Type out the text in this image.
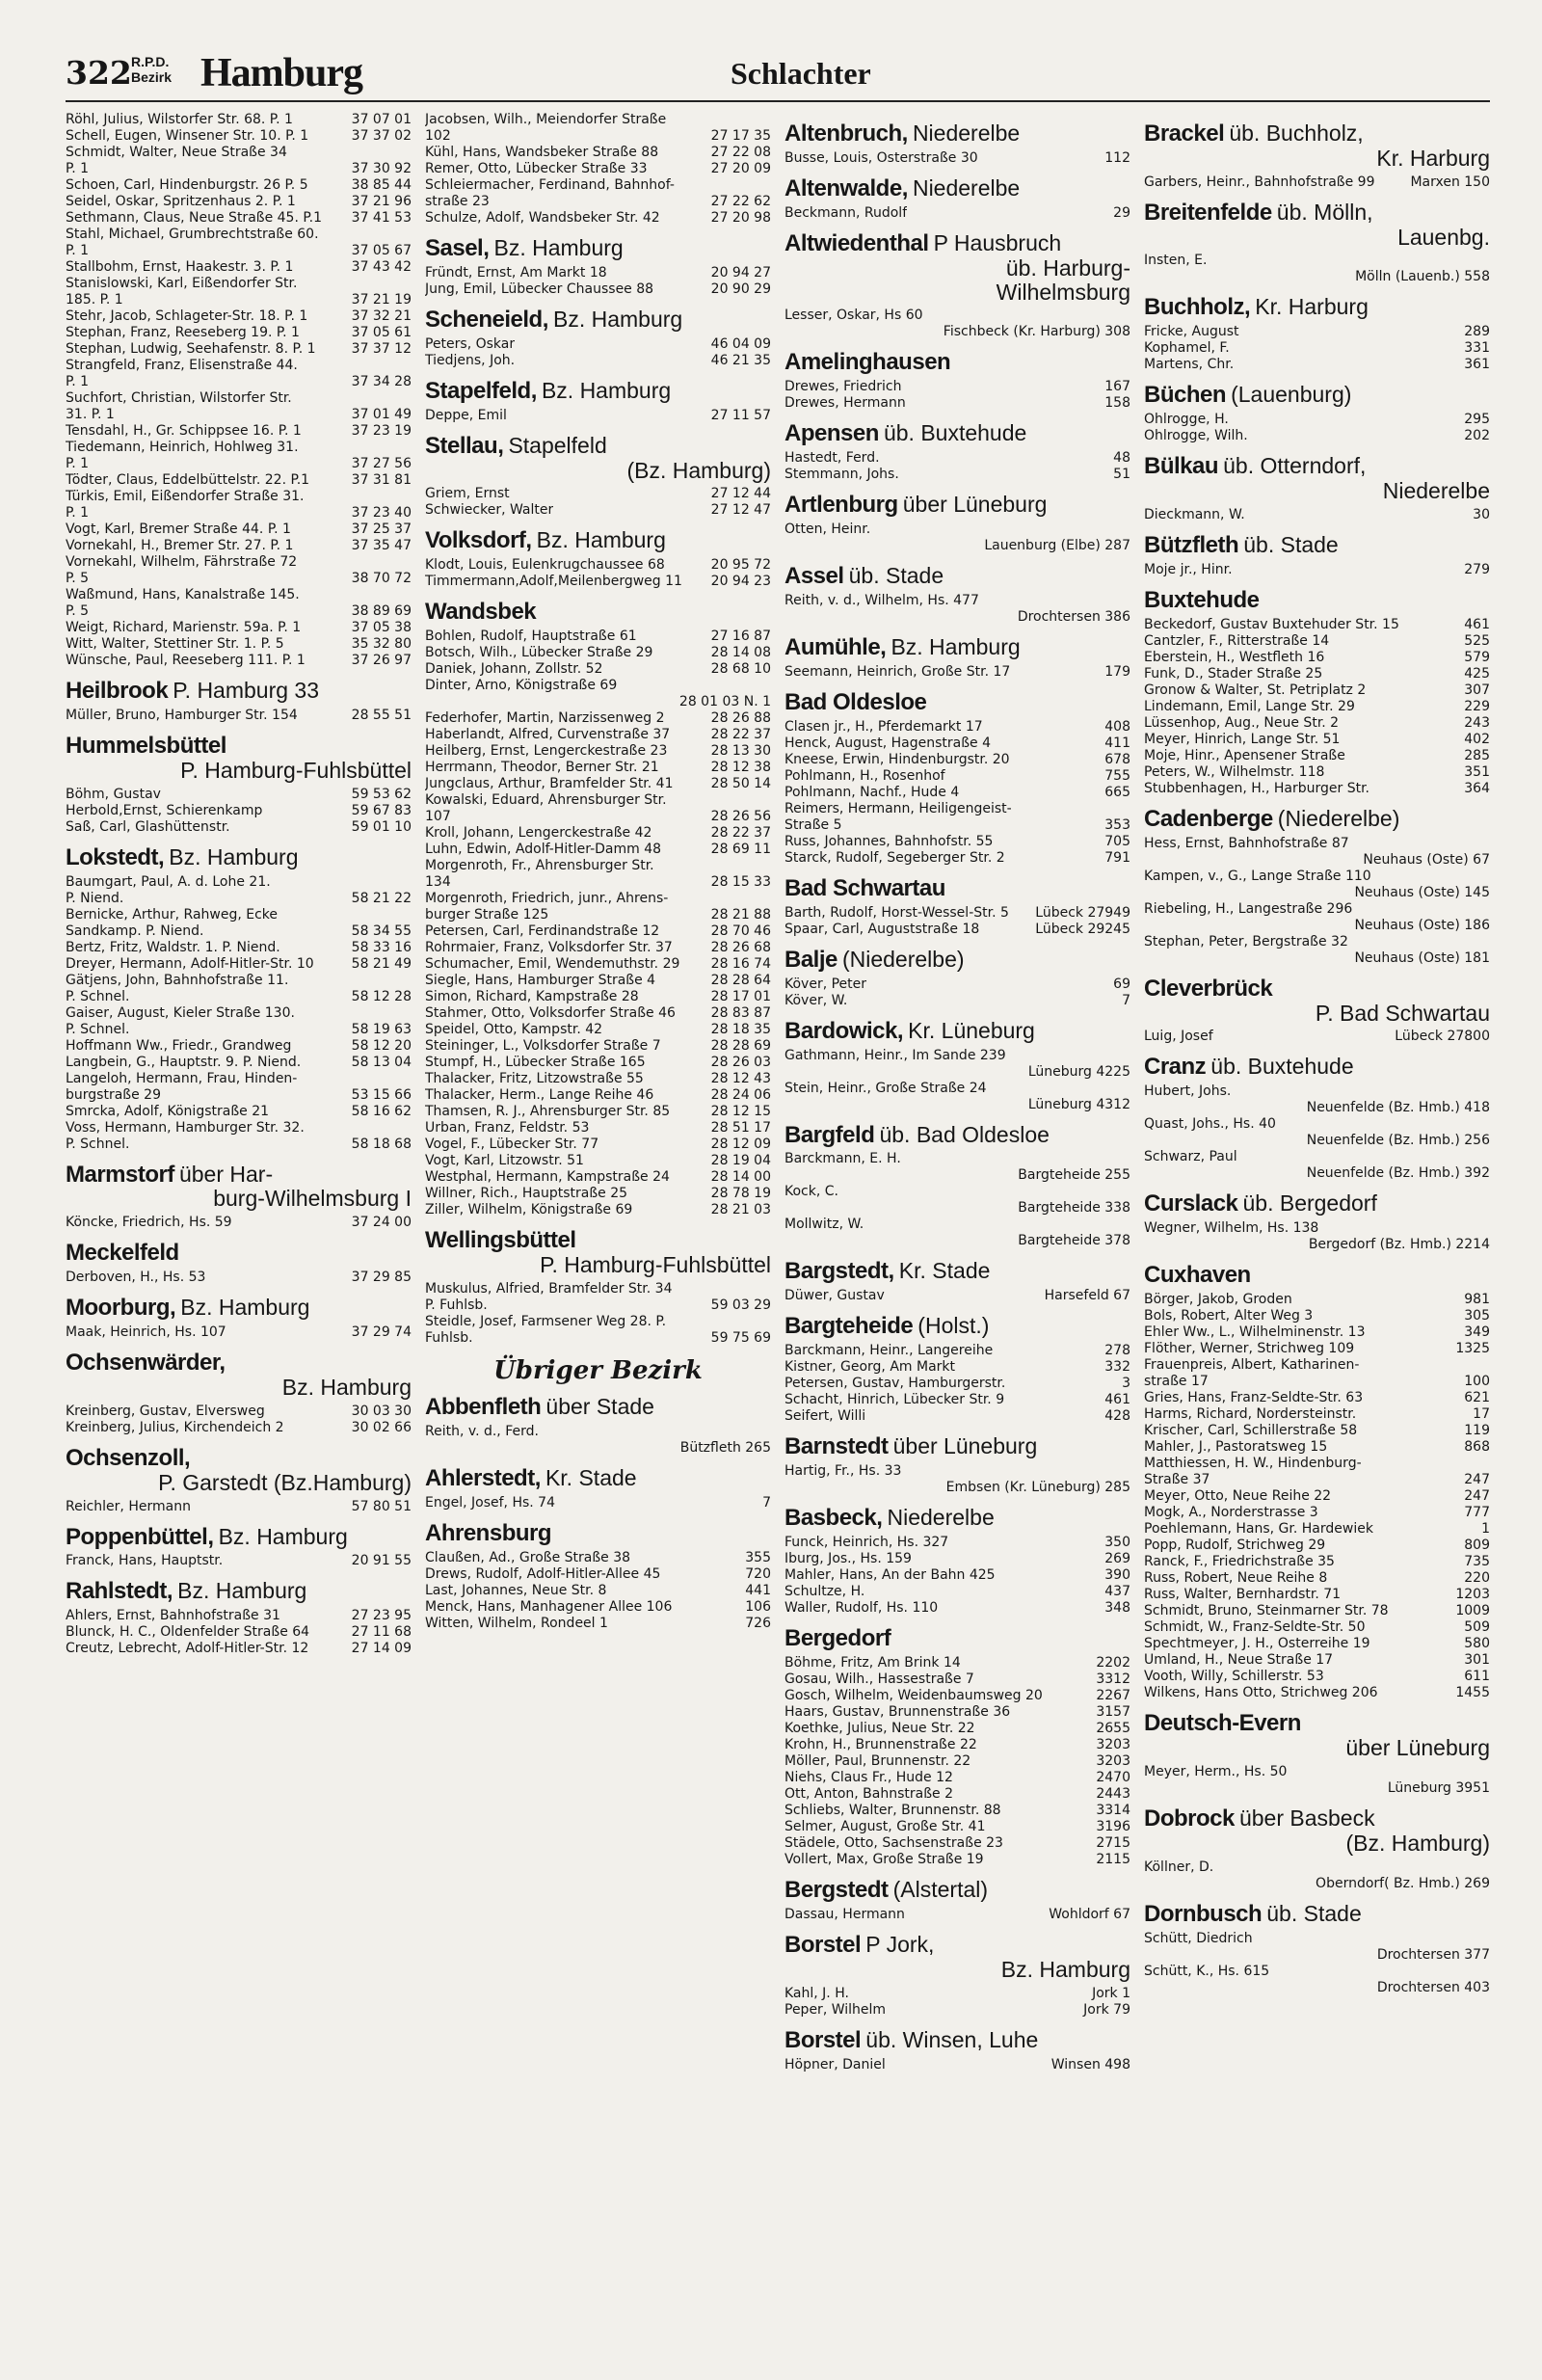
322 R.P.D.
Bezirk Hamburg	Schlachter
Röhl, Julius, Wilstorfer Str. 68. P. 1	37 07 01
Schell, Eugen, Winsener Str. 10. P. 1	37 37 02
Schmidt, Walter, Neue Straße 34
P. 1	37 30 92
Schoen, Carl, Hindenburgstr. 26 P. 5	38 85 44
Seidel, Oskar, Spritzenhaus 2. P. 1	37 21 96
Sethmann, Claus, Neue Straße 45. P.1	37 41 53
Stahl, Michael, Grumbrechtstraße 60.
P. 1	37 05 67
Stallbohm, Ernst, Haakestr. 3. P. 1	37 43 42
Stanislowski, Karl, Eißendorfer Str.
185. P. 1	37 21 19
Stehr, Jacob, Schlageter-Str. 18. P. 1	37 32 21
Stephan, Franz, Reeseberg 19. P. 1	37 05 61
Stephan, Ludwig, Seehafenstr. 8. P. 1	37 37 12
Strangfeld, Franz, Elisenstraße 44.
P. 1	37 34 28
Suchfort, Christian, Wilstorfer Str.
31. P. 1	37 01 49
Tensdahl, H., Gr. Schippsee 16. P. 1	37 23 19
Tiedemann, Heinrich, Hohlweg 31.
P. 1	37 27 56
Tödter, Claus, Eddelbüttelstr. 22. P.1	37 31 81
Türkis, Emil, Eißendorfer Straße 31.
P. 1	37 23 40
Vogt, Karl, Bremer Straße 44. P. 1	37 25 37
Vornekahl, H., Bremer Str. 27. P. 1	37 35 47
Vornekahl, Wilhelm, Fährstraße 72
P. 5	38 70 72
Waßmund, Hans, Kanalstraße 145.
P. 5	38 89 69
Weigt, Richard, Marienstr. 59a. P. 1	37 05 38
Witt, Walter, Stettiner Str. 1. P. 5	35 32 80
Wünsche, Paul, Reeseberg 111. P. 1	37 26 97
Heilbrook P. Hamburg 33
Müller, Bruno, Hamburger Str. 154	28 55 51
Hummelsbüttel
P. Hamburg-Fuhlsbüttel
Böhm, Gustav	59 53 62
Herbold,Ernst, Schierenkamp	59 67 83
Saß, Carl, Glashüttenstr.	59 01 10
Lokstedt, Bz. Hamburg
Baumgart, Paul, A. d. Lohe 21.
P. Niend.	58 21 22
Bernicke, Arthur, Rahweg, Ecke
Sandkamp. P. Niend.	58 34 55
Bertz, Fritz, Waldstr. 1. P. Niend.	58 33 16
Dreyer, Hermann, Adolf-Hitler-Str. 10	58 21 49
Gätjens, John, Bahnhofstraße 11.
P. Schnel.	58 12 28
Gaiser, August, Kieler Straße 130.
P. Schnel.	58 19 63
Hoffmann Ww., Friedr., Grandweg	58 12 20
Langbein, G., Hauptstr. 9. P. Niend.	58 13 04
Langeloh, Hermann, Frau, Hinden-
burgstraße 29	53 15 66
Smrcka, Adolf, Königstraße 21	58 16 62
Voss, Hermann, Hamburger Str. 32.
P. Schnel.	58 18 68
Marmstorf über Har-
burg-Wilhelmsburg I
Köncke, Friedrich, Hs. 59	37 24 00
Meckelfeld
Derboven, H., Hs. 53	37 29 85
Moorburg, Bz. Hamburg
Maak, Heinrich, Hs. 107	37 29 74
Ochsenwärder,
Bz. Hamburg
Kreinberg, Gustav, Elversweg	30 03 30
Kreinberg, Julius, Kirchendeich 2	30 02 66
Ochsenzoll,
P. Garstedt (Bz.Hamburg)
Reichler, Hermann	57 80 51
Poppenbüttel, Bz. Hamburg
Franck, Hans, Hauptstr.	20 91 55
Rahlstedt, Bz. Hamburg
Ahlers, Ernst, Bahnhofstraße 31	27 23 95
Blunck, H. C., Oldenfelder Straße 64	27 11 68
Creutz, Lebrecht, Adolf-Hitler-Str. 12	27 14 09
Jacobsen, Wilh., Meiendorfer Straße
102	27 17 35
Kühl, Hans, Wandsbeker Straße 88	27 22 08
Remer, Otto, Lübecker Straße 33	27 20 09
Schleiermacher, Ferdinand, Bahnhof-
straße 23	27 22 62
Schulze, Adolf, Wandsbeker Str. 42	27 20 98
Sasel, Bz. Hamburg
Fründt, Ernst, Am Markt 18	20 94 27
Jung, Emil, Lübecker Chaussee 88	20 90 29
Scheneield, Bz. Hamburg
Peters, Oskar	46 04 09
Tiedjens, Joh.	46 21 35
Stapelfeld, Bz. Hamburg
Deppe, Emil	27 11 57
Stellau, Stapelfeld
(Bz. Hamburg)
Griem, Ernst	27 12 44
Schwiecker, Walter	27 12 47
Volksdorf, Bz. Hamburg
Klodt, Louis, Eulenkrugchaussee 68	20 95 72
Timmermann,Adolf,Meilenbergweg 11	20 94 23
Wandsbek
Bohlen, Rudolf, Hauptstraße 61	27 16 87
Botsch, Wilh., Lübecker Straße 29	28 14 08
Daniek, Johann, Zollstr. 52	28 68 10
Dinter, Arno, Königstraße 69
28 01 03 N. 1
Federhofer, Martin, Narzissenweg 2	28 26 88
Haberlandt, Alfred, Curvenstraße 37	28 22 37
Heilberg, Ernst, Lengerckestraße 23	28 13 30
Herrmann, Theodor, Berner Str. 21	28 12 38
Jungclaus, Arthur, Bramfelder Str. 41	28 50 14
Kowalski, Eduard, Ahrensburger Str.
107	28 26 56
Kroll, Johann, Lengerckestraße 42	28 22 37
Luhn, Edwin, Adolf-Hitler-Damm 48	28 69 11
Morgenroth, Fr., Ahrensburger Str.
134	28 15 33
Morgenroth, Friedrich, junr., Ahrens-
burger Straße 125	28 21 88
Petersen, Carl, Ferdinandstraße 12	28 70 46
Rohrmaier, Franz, Volksdorfer Str. 37	28 26 68
Schumacher, Emil, Wendemuthstr. 29	28 16 74
Siegle, Hans, Hamburger Straße 4	28 28 64
Simon, Richard, Kampstraße 28	28 17 01
Stahmer, Otto, Volksdorfer Straße 46	28 83 87
Speidel, Otto, Kampstr. 42	28 18 35
Steininger, L., Volksdorfer Straße 7	28 28 69
Stumpf, H., Lübecker Straße 165	28 26 03
Thalacker, Fritz, Litzowstraße 55	28 12 43
Thalacker, Herm., Lange Reihe 46	28 24 06
Thamsen, R. J., Ahrensburger Str. 85	28 12 15
Urban, Franz, Feldstr. 53	28 51 17
Vogel, F., Lübecker Str. 77	28 12 09
Vogt, Karl, Litzowstr. 51	28 19 04
Westphal, Hermann, Kampstraße 24	28 14 00
Willner, Rich., Hauptstraße 25	28 78 19
Ziller, Wilhelm, Königstraße 69	28 21 03
Wellingsbüttel
P. Hamburg-Fuhlsbüttel
Muskulus, Alfried, Bramfelder Str. 34
P. Fuhlsb.	59 03 29
Steidle, Josef, Farmsener Weg 28. P.
Fuhlsb.	59 75 69
Übriger Bezirk
Abbenfleth über Stade
Reith, v. d., Ferd.
Bützfleth 265
Ahlerstedt, Kr. Stade
Engel, Josef, Hs. 74	7
Ahrensburg
Claußen, Ad., Große Straße 38	355
Drews, Rudolf, Adolf-Hitler-Allee 45	720
Last, Johannes, Neue Str. 8	441
Menck, Hans, Manhagener Allee 106	106
Witten, Wilhelm, Rondeel 1	726
Altenbruch, Niederelbe
Busse, Louis, Osterstraße 30	112
Altenwalde, Niederelbe
Beckmann, Rudolf	29
Altwiedenthal P Hausbruch
üb. Harburg-
Wilhelmsburg
Lesser, Oskar, Hs 60
Fischbeck (Kr. Harburg) 308
Amelinghausen
Drewes, Friedrich	167
Drewes, Hermann	158
Apensen üb. Buxtehude
Hastedt, Ferd.	48
Stemmann, Johs.	51
Artlenburg über Lüneburg
Otten, Heinr.
Lauenburg (Elbe) 287
Assel üb. Stade
Reith, v. d., Wilhelm, Hs. 477
Drochtersen 386
Aumühle, Bz. Hamburg
Seemann, Heinrich, Große Str. 17	179
Bad Oldesloe
Clasen jr., H., Pferdemarkt 17	408
Henck, August, Hagenstraße 4	411
Kneese, Erwin, Hindenburgstr. 20	678
Pohlmann, H., Rosenhof	755
Pohlmann, Nachf., Hude 4	665
Reimers, Hermann, Heiligengeist-
Straße 5	353
Russ, Johannes, Bahnhofstr. 55	705
Starck, Rudolf, Segeberger Str. 2	791
Bad Schwartau
Barth, Rudolf, Horst-Wessel-Str. 5	Lübeck 27949
Spaar, Carl, Auguststraße 18	Lübeck 29245
Balje (Niederelbe)
Köver, Peter	69
Köver, W.	7
Bardowick, Kr. Lüneburg
Gathmann, Heinr., Im Sande 239
Lüneburg 4225
Stein, Heinr., Große Straße 24
Lüneburg 4312
Bargfeld üb. Bad Oldesloe
Barckmann, E. H.
Bargteheide 255
Kock, C.
Bargteheide 338
Mollwitz, W.
Bargteheide 378
Bargstedt, Kr. Stade
Düwer, Gustav	Harsefeld 67
Bargteheide (Holst.)
Barckmann, Heinr., Langereihe	278
Kistner, Georg, Am Markt	332
Petersen, Gustav, Hamburgerstr.	3
Schacht, Hinrich, Lübecker Str. 9	461
Seifert, Willi	428
Barnstedt über Lüneburg
Hartig, Fr., Hs. 33
Embsen (Kr. Lüneburg) 285
Basbeck, Niederelbe
Funck, Heinrich, Hs. 327	350
Iburg, Jos., Hs. 159	269
Mahler, Hans, An der Bahn 425	390
Schultze, H.	437
Waller, Rudolf, Hs. 110	348
Bergedorf
Böhme, Fritz, Am Brink 14	2202
Gosau, Wilh., Hassestraße 7	3312
Gosch, Wilhelm, Weidenbaumsweg 20	2267
Haars, Gustav, Brunnenstraße 36	3157
Koethke, Julius, Neue Str. 22	2655
Krohn, H., Brunnenstraße 22	3203
Möller, Paul, Brunnenstr. 22	3203
Niehs, Claus Fr., Hude 12	2470
Ott, Anton, Bahnstraße 2	2443
Schliebs, Walter, Brunnenstr. 88	3314
Selmer, August, Große Str. 41	3196
Städele, Otto, Sachsenstraße 23	2715
Vollert, Max, Große Straße 19	2115
Bergstedt (Alstertal)
Dassau, Hermann	Wohldorf 67
Borstel P Jork,
Bz. Hamburg
Kahl, J. H.	Jork 1
Peper, Wilhelm	Jork 79
Borstel üb. Winsen, Luhe
Höpner, Daniel	Winsen 498
Brackel üb. Buchholz,
Kr. Harburg
Garbers, Heinr., Bahnhofstraße 99	Marxen 150
Breitenfelde üb. Mölln,
Lauenbg.
Insten, E.
Mölln (Lauenb.) 558
Buchholz, Kr. Harburg
Fricke, August	289
Kophamel, F.	331
Martens, Chr.	361
Büchen (Lauenburg)
Ohlrogge, H.	295
Ohlrogge, Wilh.	202
Bülkau üb. Otterndorf,
Niederelbe
Dieckmann, W.	30
Bützfleth üb. Stade
Moje jr., Hinr.	279
Buxtehude
Beckedorf, Gustav Buxtehuder Str. 15	461
Cantzler, F., Ritterstraße 14	525
Eberstein, H., Westfleth 16	579
Funk, D., Stader Straße 25	425
Gronow & Walter, St. Petriplatz 2	307
Lindemann, Emil, Lange Str. 29	229
Lüssenhop, Aug., Neue Str. 2	243
Meyer, Hinrich, Lange Str. 51	402
Moje, Hinr., Apensener Straße	285
Peters, W., Wilhelmstr. 118	351
Stubbenhagen, H., Harburger Str.	364
Cadenberge (Niederelbe)
Hess, Ernst, Bahnhofstraße 87
Neuhaus (Oste) 67
Kampen, v., G., Lange Straße 110
Neuhaus (Oste) 145
Riebeling, H., Langestraße 296
Neuhaus (Oste) 186
Stephan, Peter, Bergstraße 32
Neuhaus (Oste) 181
Cleverbrück
P. Bad Schwartau
Luig, Josef	Lübeck 27800
Cranz üb. Buxtehude
Hubert, Johs.
Neuenfelde (Bz. Hmb.) 418
Quast, Johs., Hs. 40
Neuenfelde (Bz. Hmb.) 256
Schwarz, Paul
Neuenfelde (Bz. Hmb.) 392
Curslack üb. Bergedorf
Wegner, Wilhelm, Hs. 138
Bergedorf (Bz. Hmb.) 2214
Cuxhaven
Börger, Jakob, Groden	981
Bols, Robert, Alter Weg 3	305
Ehler Ww., L., Wilhelminenstr. 13	349
Flöther, Werner, Strichweg 109	1325
Frauenpreis, Albert, Katharinen-
straße 17	100
Gries, Hans, Franz-Seldte-Str. 63	621
Harms, Richard, Nordersteinstr.	17
Krischer, Carl, Schillerstraße 58	119
Mahler, J., Pastoratsweg 15	868
Matthiessen, H. W., Hindenburg-
Straße 37	247
Meyer, Otto, Neue Reihe 22	247
Mogk, A., Norderstrasse 3	777
Poehlemann, Hans, Gr. Hardewiek	1
Popp, Rudolf, Strichweg 29	809
Ranck, F., Friedrichstraße 35	735
Russ, Robert, Neue Reihe 8	220
Russ, Walter, Bernhardstr. 71	1203
Schmidt, Bruno, Steinmarner Str. 78	1009
Schmidt, W., Franz-Seldte-Str. 50	509
Spechtmeyer, J. H., Osterreihe 19	580
Umland, H., Neue Straße 17	301
Vooth, Willy, Schillerstr. 53	611
Wilkens, Hans Otto, Strichweg 206	1455
Deutsch-Evern
über Lüneburg
Meyer, Herm., Hs. 50
Lüneburg 3951
Dobrock über Basbeck
(Bz. Hamburg)
Köllner, D.
Oberndorf( Bz. Hmb.) 269
Dornbusch üb. Stade
Schütt, Diedrich
Drochtersen 377
Schütt, K., Hs. 615
Drochtersen 403
